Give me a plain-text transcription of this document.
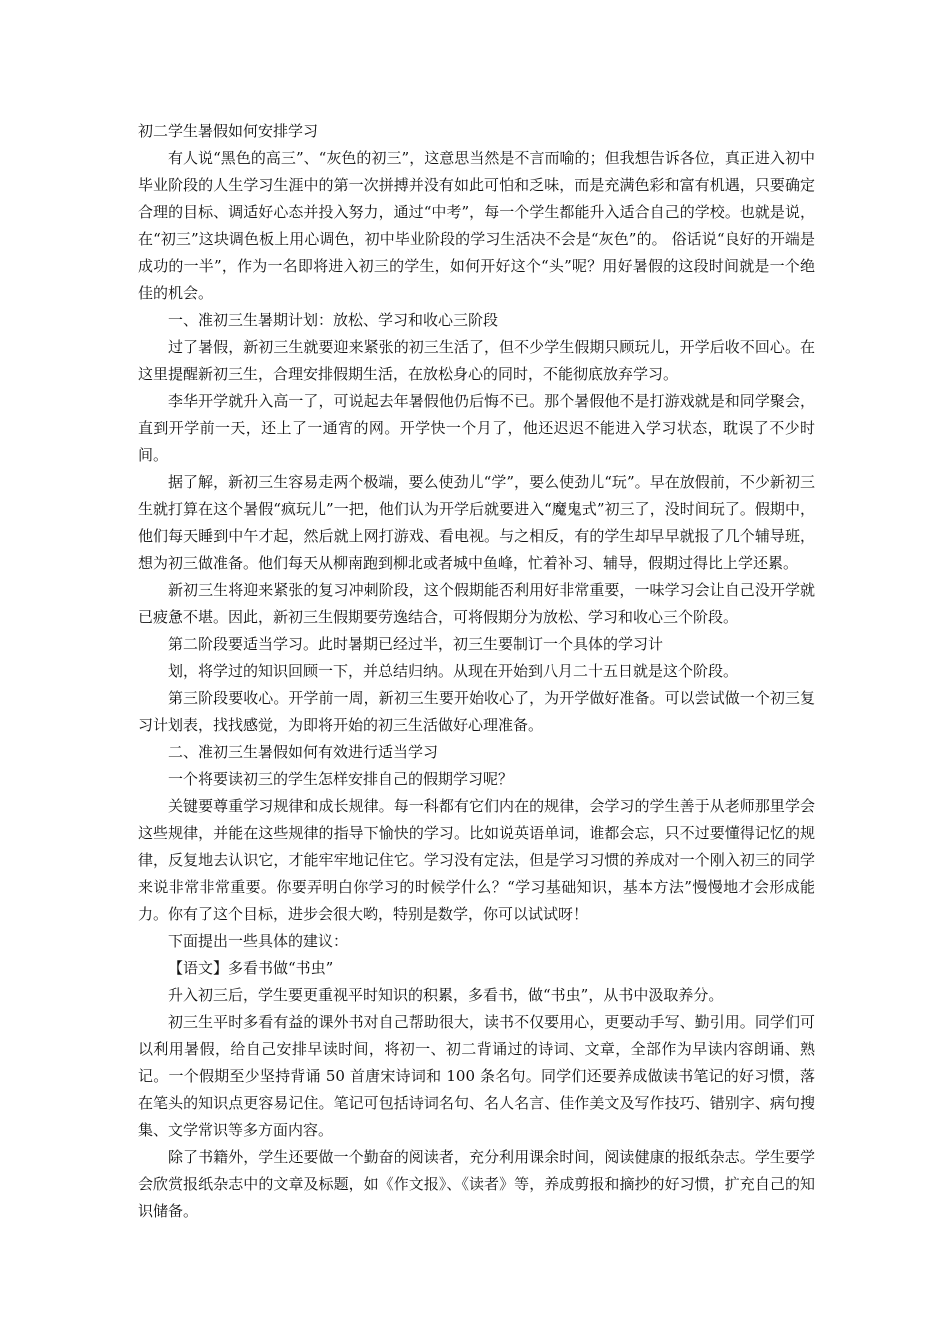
初二学生暑假如何安排学习

有人说“黑色的高三”、“灰色的初三”，这意思当然是不言而喻的；但我想告诉各位，真正进入初中毕业阶段的人生学习生涯中的第一次拼搏并没有如此可怕和乏味，而是充满色彩和富有机遇，只要确定合理的目标、调适好心态并投入努力，通过“中考”，每一个学生都能升入适合自己的学校。也就是说，在“初三”这块调色板上用心调色，初中毕业阶段的学习生活决不会是“灰色”的。 俗话说“良好的开端是成功的一半”，作为一名即将进入初三的学生，如何开好这个“头”呢？用好暑假的这段时间就是一个绝佳的机会。

一、准初三生暑期计划：放松、学习和收心三阶段

过了暑假，新初三生就要迎来紧张的初三生活了，但不少学生假期只顾玩儿，开学后收不回心。在这里提醒新初三生，合理安排假期生活，在放松身心的同时，不能彻底放弃学习。

李华开学就升入高一了，可说起去年暑假他仍后悔不已。那个暑假他不是打游戏就是和同学聚会，直到开学前一天，还上了一通宵的网。开学快一个月了，他还迟迟不能进入学习状态，耽误了不少时间。

据了解，新初三生容易走两个极端，要么使劲儿“学”，要么使劲儿“玩”。早在放假前，不少新初三生就打算在这个暑假“疯玩儿”一把，他们认为开学后就要进入“魔鬼式”初三了，没时间玩了。假期中，他们每天睡到中午才起，然后就上网打游戏、看电视。与之相反，有的学生却早早就报了几个辅导班，想为初三做准备。他们每天从柳南跑到柳北或者城中鱼峰，忙着补习、辅导，假期过得比上学还累。

新初三生将迎来紧张的复习冲刺阶段，这个假期能否利用好非常重要，一味学习会让自己没开学就已疲惫不堪。因此，新初三生假期要劳逸结合，可将假期分为放松、学习和收心三个阶段。

第二阶段要适当学习。此时暑期已经过半，初三生要制订一个具体的学习计

划，将学过的知识回顾一下，并总结归纳。从现在开始到八月二十五日就是这个阶段。

第三阶段要收心。开学前一周，新初三生要开始收心了，为开学做好准备。可以尝试做一个初三复习计划表，找找感觉，为即将开始的初三生活做好心理准备。

二、准初三生暑假如何有效进行适当学习

一个将要读初三的学生怎样安排自己的假期学习呢？

关键要尊重学习规律和成长规律。每一科都有它们内在的规律，会学习的学生善于从老师那里学会这些规律，并能在这些规律的指导下愉快的学习。比如说英语单词，谁都会忘，只不过要懂得记忆的规律，反复地去认识它，才能牢牢地记住它。学习没有定法，但是学习习惯的养成对一个刚入初三的同学来说非常非常重要。你要弄明白你学习的时候学什么？“学习基础知识，基本方法”慢慢地才会形成能力。你有了这个目标，进步会很大哟，特别是数学，你可以试试呀！

下面提出一些具体的建议：

【语文】多看书做“书虫”

升入初三后，学生要更重视平时知识的积累，多看书，做“书虫”，从书中汲取养分。

初三生平时多看有益的课外书对自己帮助很大，读书不仅要用心，更要动手写、勤引用。同学们可以利用暑假，给自己安排早读时间，将初一、初二背诵过的诗词、文章，全部作为早读内容朗诵、熟记。一个假期至少坚持背诵 50 首唐宋诗词和 100 条名句。同学们还要养成做读书笔记的好习惯，落在笔头的知识点更容易记住。笔记可包括诗词名句、名人名言、佳作美文及写作技巧、错别字、病句搜集、文学常识等多方面内容。

除了书籍外，学生还要做一个勤奋的阅读者，充分利用课余时间，阅读健康的报纸杂志。学生要学会欣赏报纸杂志中的文章及标题，如《作文报》、《读者》等，养成剪报和摘抄的好习惯，扩充自己的知识储备。
